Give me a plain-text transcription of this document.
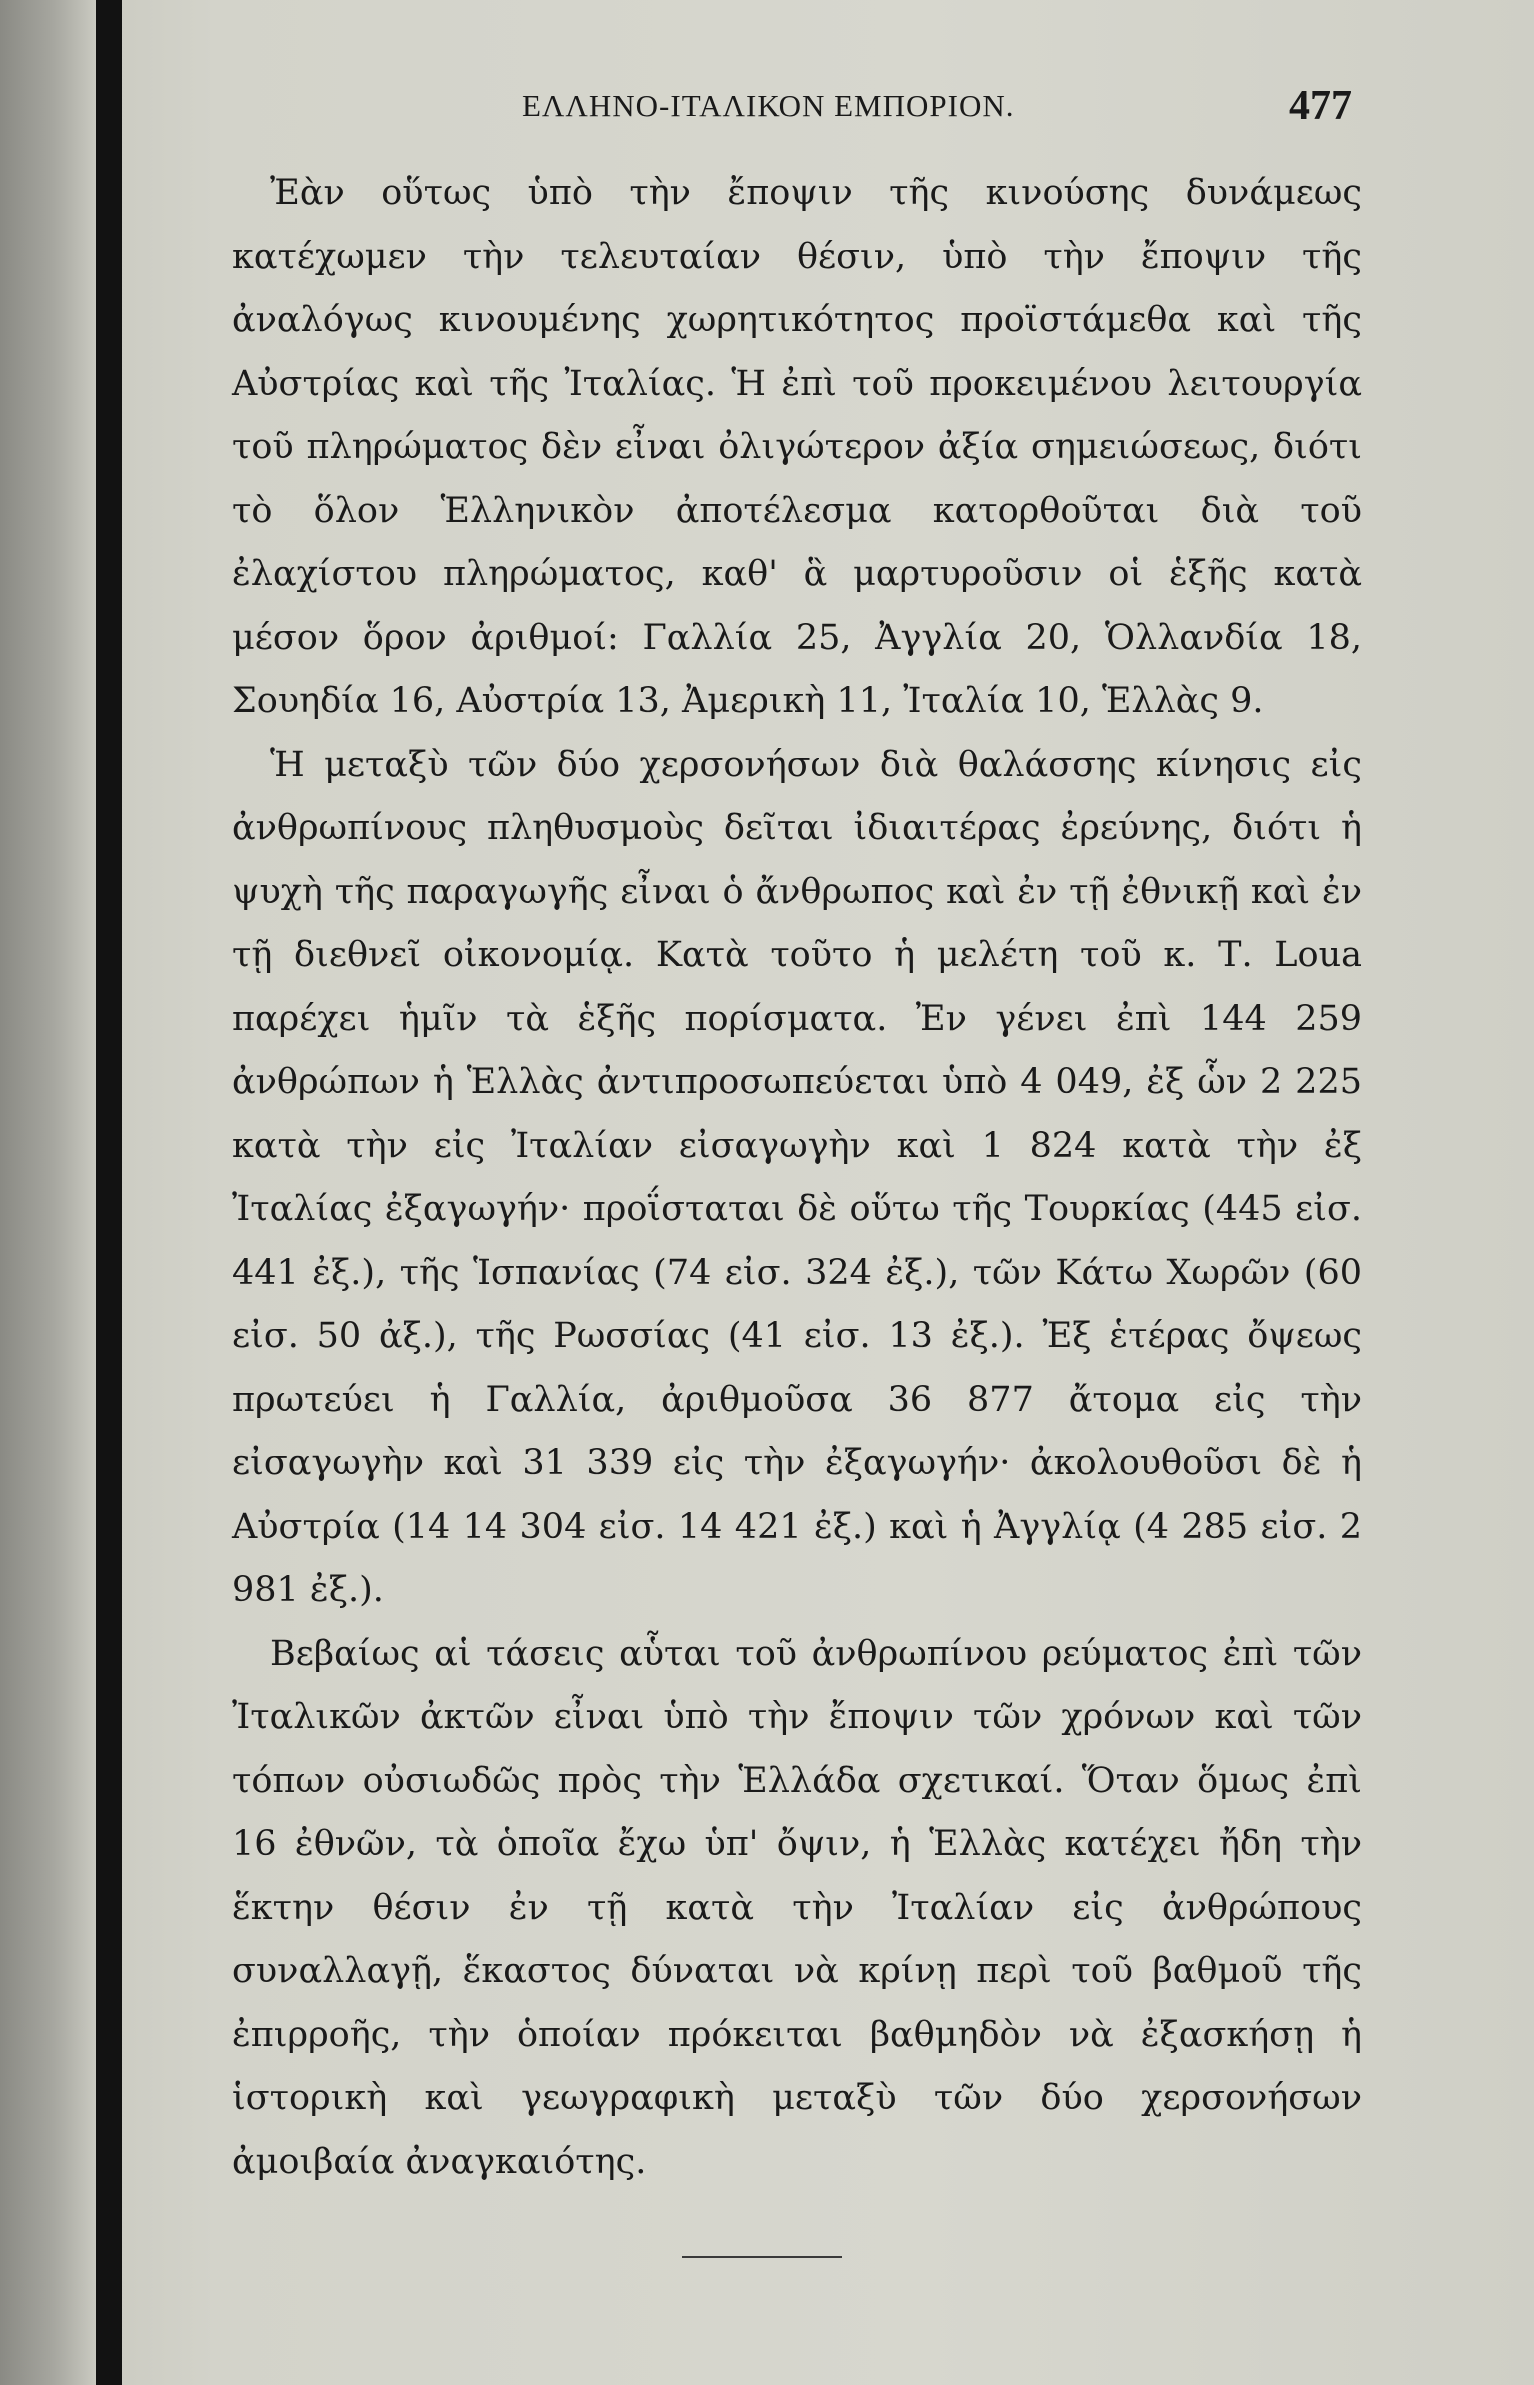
ΕΛΛΗΝΟ-ΙΤΑΛΙΚΟΝ ΕΜΠΟΡΙΟΝ.	477

Ἐὰν οὕτως ὑπὸ τὴν ἔποψιν τῆς κινούσης δυνάμεως κατέχωμεν τὴν τελευταίαν θέσιν, ὑπὸ τὴν ἔποψιν τῆς ἀναλόγως κινουμένης χωρητικότητος προϊστάμεθα καὶ τῆς Αὐστρίας καὶ τῆς Ἰταλίας. Ἡ ἐπὶ τοῦ προκειμένου λειτουργία τοῦ πληρώματος δὲν εἶναι ὀλιγώτερον ἀξία σημειώσεως, διότι τὸ ὅλον Ἑλληνικὸν ἀποτέλεσμα κατορθοῦται διὰ τοῦ ἐλαχίστου πληρώματος, καθ' ἃ μαρτυροῦσιν οἱ ἑξῆς κατὰ μέσον ὅρον ἀριθμοί: Γαλλία 25, Ἀγγλία 20, Ὁλλανδία 18, Σουηδία 16, Αὐστρία 13, Ἀμερικὴ 11, Ἰταλία 10, Ἑλλὰς 9.

Ἡ μεταξὺ τῶν δύο χερσονήσων διὰ θαλάσσης κίνησις εἰς ἀνθρωπίνους πληθυσμοὺς δεῖται ἰδιαιτέρας ἐρεύνης, διότι ἡ ψυχὴ τῆς παραγωγῆς εἶναι ὁ ἄνθρωπος καὶ ἐν τῇ ἐθνικῇ καὶ ἐν τῇ διεθνεῖ οἰκονομίᾳ. Κατὰ τοῦτο ἡ μελέτη τοῦ κ. Τ. Loua παρέχει ἡμῖν τὰ ἑξῆς πορίσματα. Ἐν γένει ἐπὶ 144 259 ἀνθρώπων ἡ Ἑλλὰς ἀντιπροσωπεύεται ὑπὸ 4 049, ἐξ ὧν 2 225 κατὰ τὴν εἰς Ἰταλίαν εἰσαγωγὴν καὶ 1 824 κατὰ τὴν ἐξ Ἰταλίας ἐξαγωγήν· προΐσταται δὲ οὕτω τῆς Τουρκίας (445 εἰσ. 441 ἐξ.), τῆς Ἱσπανίας (74 εἰσ. 324 ἐξ.), τῶν Κάτω Χωρῶν (60 εἰσ. 50 ἀξ.), τῆς Ρωσσίας (41 εἰσ. 13 ἐξ.). Ἐξ ἑτέρας ὄψεως πρωτεύει ἡ Γαλλία, ἀριθμοῦσα 36 877 ἄτομα εἰς τὴν εἰσαγωγὴν καὶ 31 339 εἰς τὴν ἐξαγωγήν· ἀκολουθοῦσι δὲ ἡ Αὐστρία (14 14 304 εἰσ. 14 421 ἐξ.) καὶ ἡ Ἀγγλίᾳ (4 285 εἰσ. 2 981 ἐξ.).

Βεβαίως αἱ τάσεις αὗται τοῦ ἀνθρωπίνου ρεύματος ἐπὶ τῶν Ἰταλικῶν ἀκτῶν εἶναι ὑπὸ τὴν ἔποψιν τῶν χρόνων καὶ τῶν τόπων οὐσιωδῶς πρὸς τὴν Ἑλλάδα σχετικαί. Ὅταν ὅμως ἐπὶ 16 ἐθνῶν, τὰ ὁποῖα ἔχω ὑπ' ὄψιν, ἡ Ἑλλὰς κατέχει ἤδη τὴν ἕκτην θέσιν ἐν τῇ κατὰ τὴν Ἰταλίαν εἰς ἀνθρώπους συναλλαγῇ, ἕκαστος δύναται νὰ κρίνῃ περὶ τοῦ βαθμοῦ τῆς ἐπιρροῆς, τὴν ὁποίαν πρόκειται βαθμηδὸν νὰ ἐξασκήσῃ ἡ ἱστορικὴ καὶ γεωγραφικὴ μεταξὺ τῶν δύο χερσονήσων ἀμοιβαία ἀναγκαιότης.
